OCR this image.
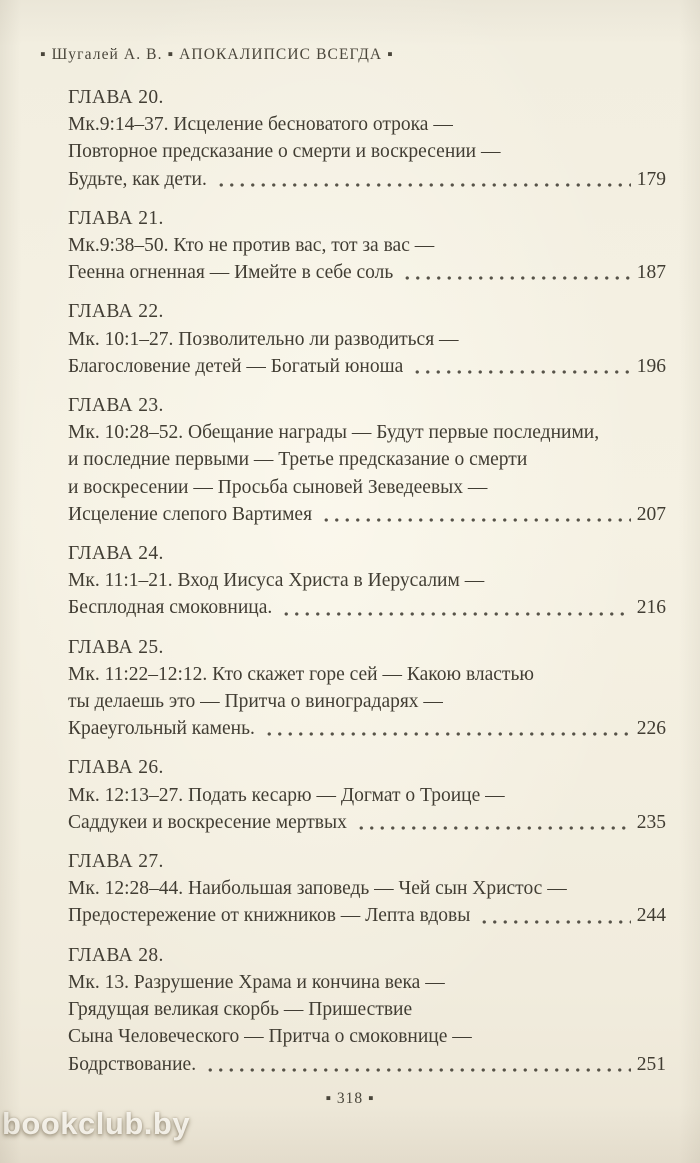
▪ Шугалей А. В. ▪ АПОКАЛИПСИС ВСЕГДА ▪
ГЛАВА 20.
Мк.9:14–37. Исцеление бесноватого отрока —
Повторное предсказание о смерти и воскресении —
Будьте, как дети.	179
ГЛАВА 21.
Мк.9:38–50. Кто не против вас, тот за вас —
Геенна огненная — Имейте в себе соль	187
ГЛАВА 22.
Мк. 10:1–27. Позволительно ли разводиться —
Благословение детей — Богатый юноша	196
ГЛАВА 23.
Мк. 10:28–52. Обещание награды — Будут первые последними,
и последние первыми — Третье предсказание о смерти
и воскресении — Просьба сыновей Зеведеевых —
Исцеление слепого Вартимея	207
ГЛАВА 24.
Мк. 11:1–21. Вход Иисуса Христа в Иерусалим —
Бесплодная смоковница.	216
ГЛАВА 25.
Мк. 11:22–12:12. Кто скажет горе сей — Какою властью
ты делаешь это — Притча о виноградарях —
Краеугольный камень.	226
ГЛАВА 26.
Мк. 12:13–27. Подать кесарю — Догмат о Троице —
Саддукеи и воскресение мертвых	235
ГЛАВА 27.
Мк. 12:28–44. Наибольшая заповедь — Чей сын Христос —
Предостережение от книжников — Лепта вдовы	244
ГЛАВА 28.
Мк. 13. Разрушение Храма и кончина века —
Грядущая великая скорбь — Пришествие
Сына Человеческого — Притча о смоковнице —
Бодрствование.	251
▪ 318 ▪
bookclub.by
